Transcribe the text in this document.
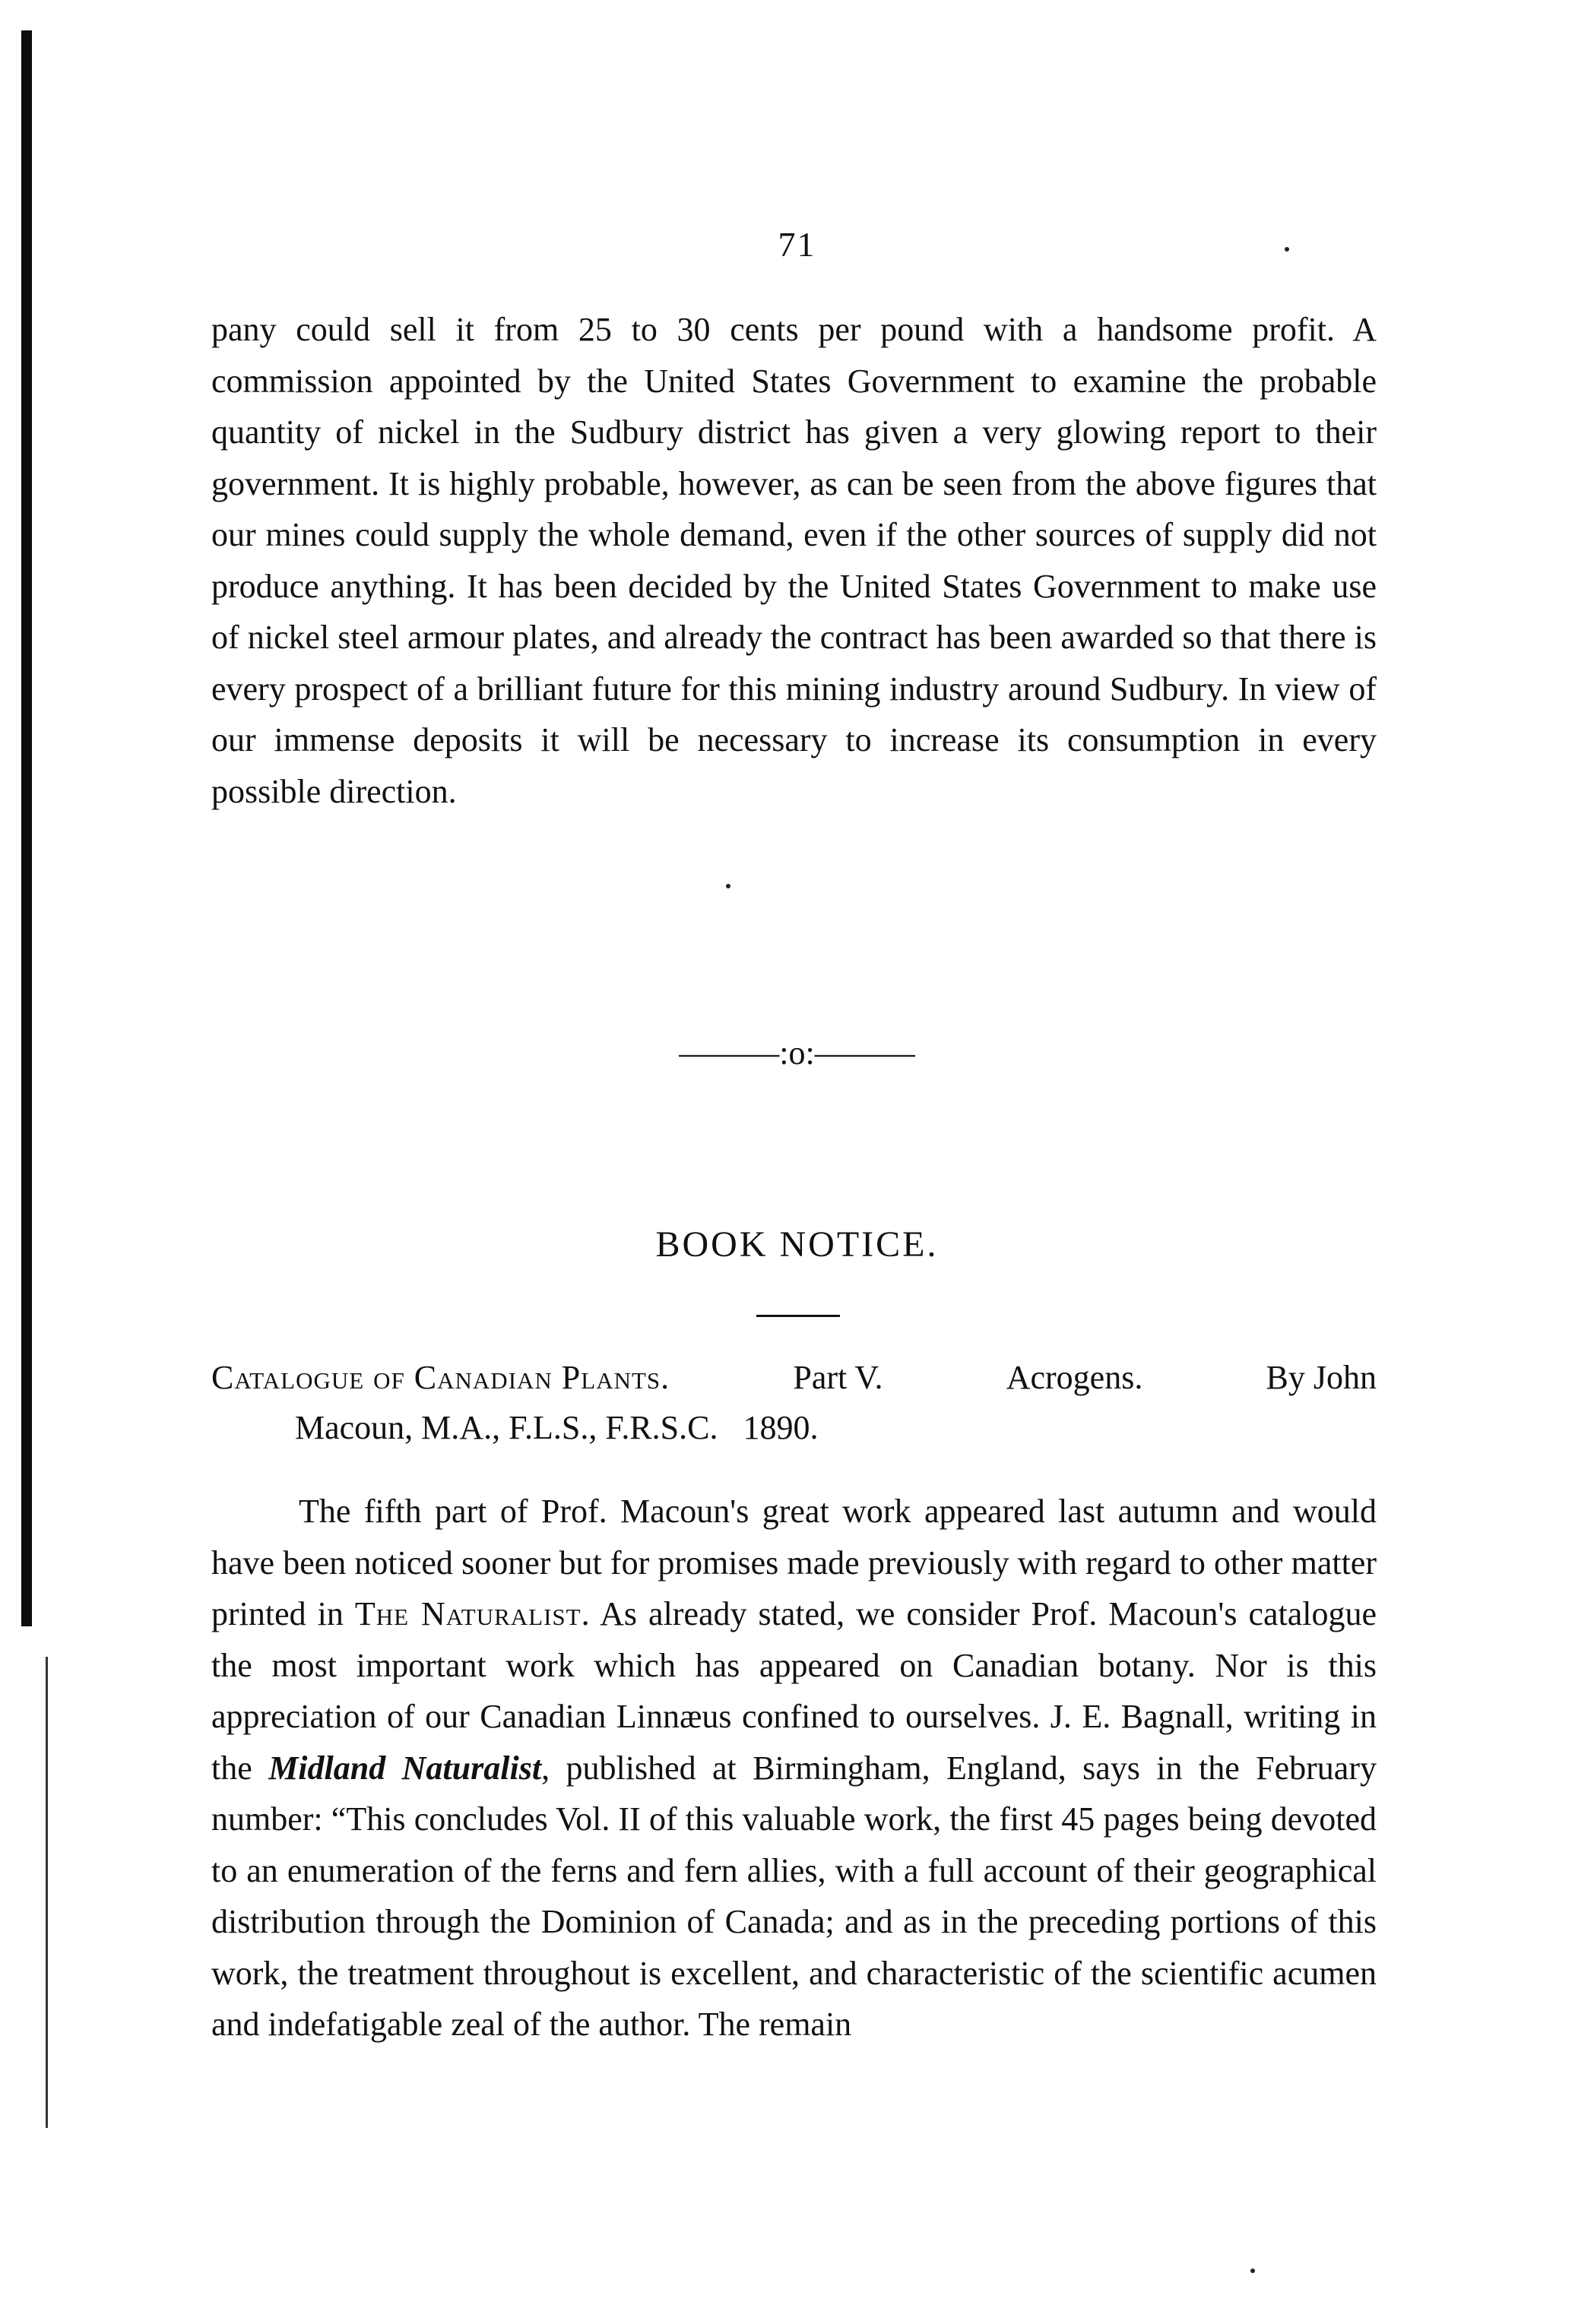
71
pany could sell it from 25 to 30 cents per pound with a handsome profit. A commission appointed by the United States Government to examine the probable quantity of nickel in the Sudbury district has given a very glowing report to their government. It is highly probable, however, as can be seen from the above figures that our mines could supply the whole demand, even if the other sources of supply did not produce anything. It has been decided by the United States Government to make use of nickel steel armour plates, and already the contract has been awarded so that there is every prospect of a brilliant future for this mining industry around Sudbury. In view of our immense deposits it will be necessary to increase its consumption in every possible direction.
———:o:———
BOOK NOTICE.
Catalogue of Canadian Plants.	Part V.	Acrogens.	By John
Macoun, M.A., F.L.S., F.R.S.C. 1890.
The fifth part of Prof. Macoun's great work appeared last autumn and would have been noticed sooner but for promises made previously with regard to other matter printed in The Naturalist. As already stated, we consider Prof. Macoun's catalogue the most important work which has appeared on Canadian botany. Nor is this appreciation of our Canadian Linnæus confined to ourselves. J. E. Bagnall, writing in the Midland Naturalist, published at Birmingham, England, says in the February number: “This concludes Vol. II of this valuable work, the first 45 pages being devoted to an enumeration of the ferns and fern allies, with a full account of their geographical distribution through the Dominion of Canada; and as in the preceding portions of this work, the treatment throughout is excellent, and characteristic of the scientific acumen and indefatigable zeal of the author. The remain
